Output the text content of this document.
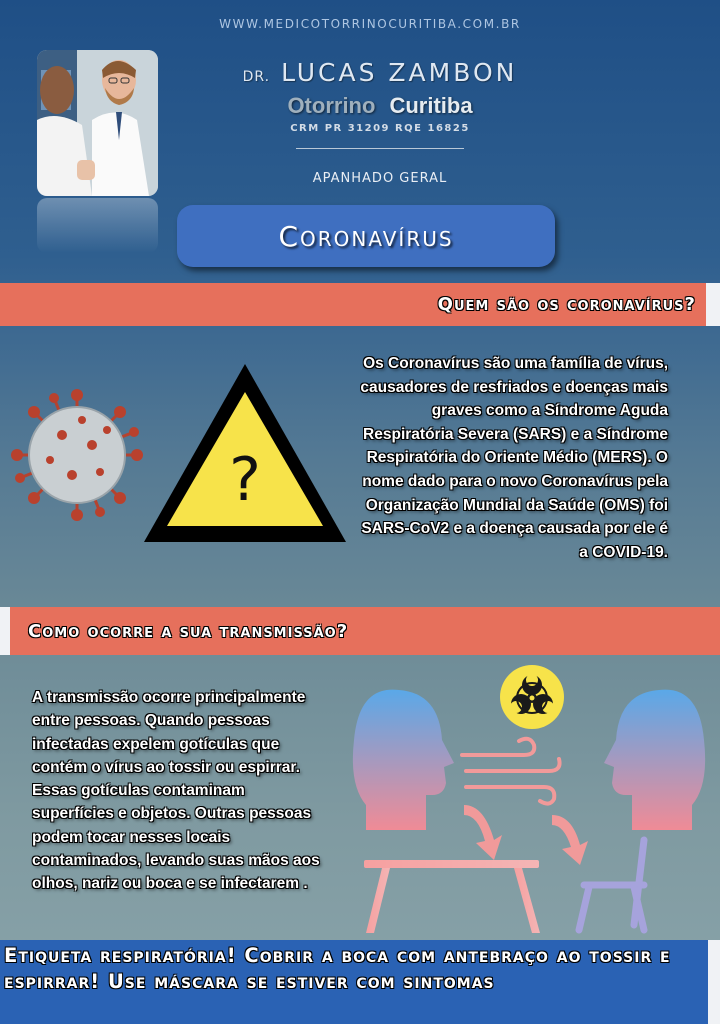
WWW.MEDICOTORRINOCURITIBA.COM.BR
DR. LUCAS ZAMBON
Otorrino Curitiba
CRM PR 31209 RQE 16825
APANHADO GERAL
Coronavírus
Quem são os coronavírus?
?
Os Coronavírus são uma família de vírus, causadores de resfriados e doenças mais graves como a Síndrome Aguda Respiratória Severa (SARS) e a Síndrome Respiratória do Oriente Médio (MERS). O nome dado para o novo Coronavírus pela Organização Mundial da Saúde (OMS) foi SARS-CoV2 e a doença causada por ele é a COVID-19.
Como ocorre a sua transmissão?
A transmissão ocorre principalmente entre pessoas. Quando pessoas infectadas expelem gotículas que contém o vírus ao tossir ou espirrar. Essas gotículas contaminam superfícies e objetos. Outras pessoas podem tocar nesses locais contaminados, levando suas mãos aos olhos, nariz ou boca e se infectarem .
Etiqueta respiratória! Cobrir a boca com antebraço ao tossir e espirrar! Use máscara se estiver com sintomas
